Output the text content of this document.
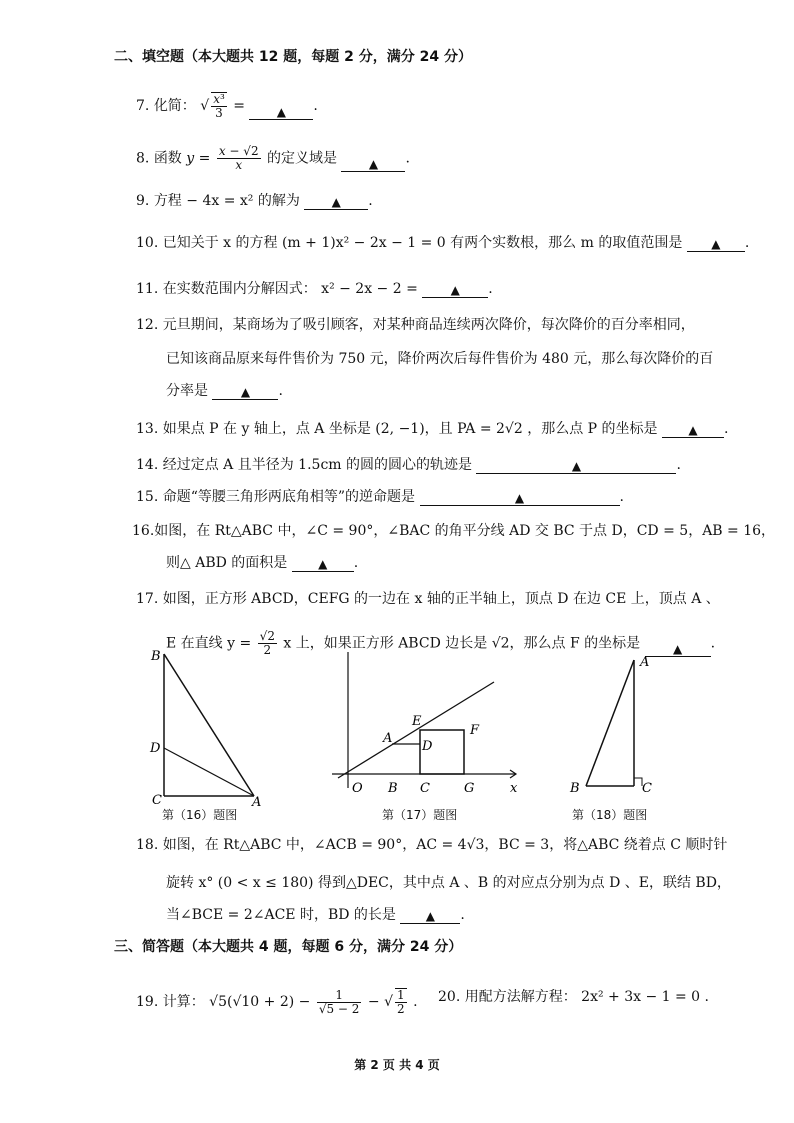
二、填空题（本大题共 12 题，每题 2 分，满分 24 分）
7. 化简： √ $\frac{\text{x³}}{3}$ = ▲ .
8. 函数 $y = \frac{x - √2}{x}$ 的定义域是	▲ .
9. 方程 − 4x = x² 的解为	▲ .
10. 已知关于 x 的方程 (m + 1)x² − 2x − 1 = 0 有两个实数根，那么 m 的取值范围是 ▲ .
11. 在实数范围内分解因式： x² − 2x − 2 =	▲ .
12. 元旦期间，某商场为了吸引顾客，对某种商品连续两次降价，每次降价的百分率相同，
已知该商品原来每件售价为 750 元，降价两次后每件售价为 480 元，那么每次降价的百
分率是	▲ .
13. 如果点 P 在 y 轴上，点 A 坐标是 (2, −1)，且 PA = 2√2 ，那么点 P 的坐标是	▲ .
14. 经过定点 A 且半径为 1.5cm 的圆的圆心的轨迹是	▲	.
15. 命题“等腰三角形两底角相等”的逆命题是	▲	.
16.如图，在 Rt△ABC 中，∠C = 90°，∠BAC 的角平分线 AD 交 BC 于点 D，CD = 5，AB = 16，
则△ ABD 的面积是	▲ .
17. 如图，正方形 ABCD，CEFG 的一边在 x 轴的正半轴上，顶点 D 在边 CE 上，顶点 A 、
E 在直线 $y = \frac{√2}{2}$ x 上，如果正方形 ABCD 边长是 √2，那么点 F 的坐标是	▲ .
B
D
C	A
第（16）题图
A
E
F
D
O B C	G	x
第（17）题图
A
B	C
第（18）题图
18. 如图，在 Rt△ABC 中，∠ACB = 90°，AC = 4√3，BC = 3，将△ABC 绕着点 C 顺时针
旋转 x° (0 < x ≤ 180) 得到△DEC，其中点 A 、B 的对应点分别为点 D 、E，联结 BD，
当∠BCE = 2∠ACE 时，BD 的长是 ▲ .
三、简答题（本大题共 4 题，每题 6 分，满分 24 分）
19. 计算： $√5(√10 + 2) - \frac{1}{√5 - 2}$ − √ $\frac{1}{2}$ . 20. 用配方法解方程： 2x² + 3x − 1 = 0 .
第 2 页 共 4 页
